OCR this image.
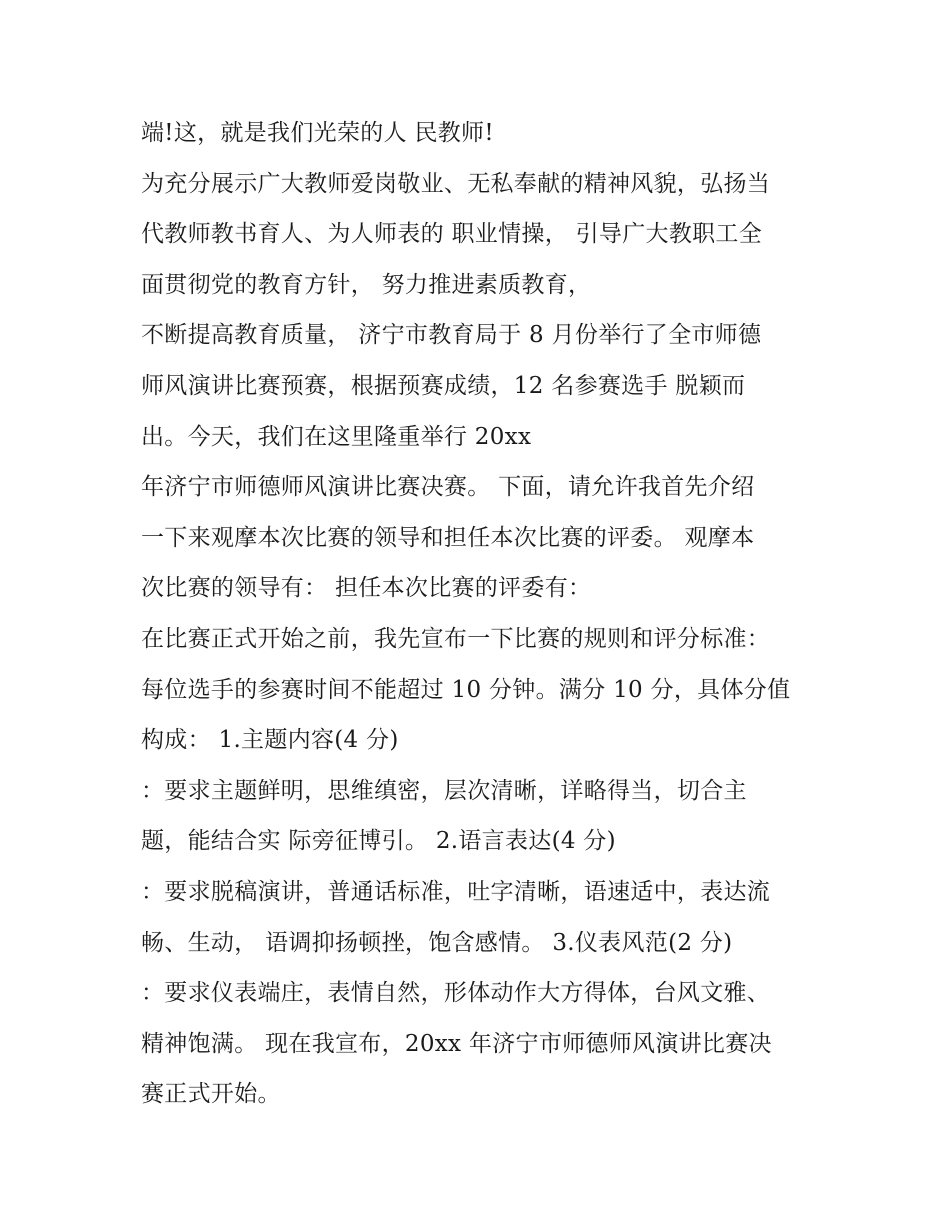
端!这，就是我们光荣的人 民教师!
为充分展示广大教师爱岗敬业、无私奉献的精神风貌，弘扬当
代教师教书育人、为人师表的 职业情操， 引导广大教职工全
面贯彻党的教育方针， 努力推进素质教育，
不断提高教育质量， 济宁市教育局于 8 月份举行了全市师德
师风演讲比赛预赛，根据预赛成绩，12 名参赛选手 脱颖而
出。今天，我们在这里隆重举行 20xx
年济宁市师德师风演讲比赛决赛。 下面，请允许我首先介绍
一下来观摩本次比赛的领导和担任本次比赛的评委。 观摩本
次比赛的领导有： 担任本次比赛的评委有：
在比赛正式开始之前，我先宣布一下比赛的规则和评分标准：
每位选手的参赛时间不能超过 10 分钟。满分 10 分，具体分值
构成： 1.主题内容(4 分)
：要求主题鲜明，思维缜密，层次清晰，详略得当，切合主
题，能结合实 际旁征博引。 2.语言表达(4 分)
：要求脱稿演讲，普通话标准，吐字清晰，语速适中，表达流
畅、生动， 语调抑扬顿挫，饱含感情。 3.仪表风范(2 分)
：要求仪表端庄，表情自然，形体动作大方得体，台风文雅、
精神饱满。 现在我宣布，20xx 年济宁市师德师风演讲比赛决
赛正式开始。
